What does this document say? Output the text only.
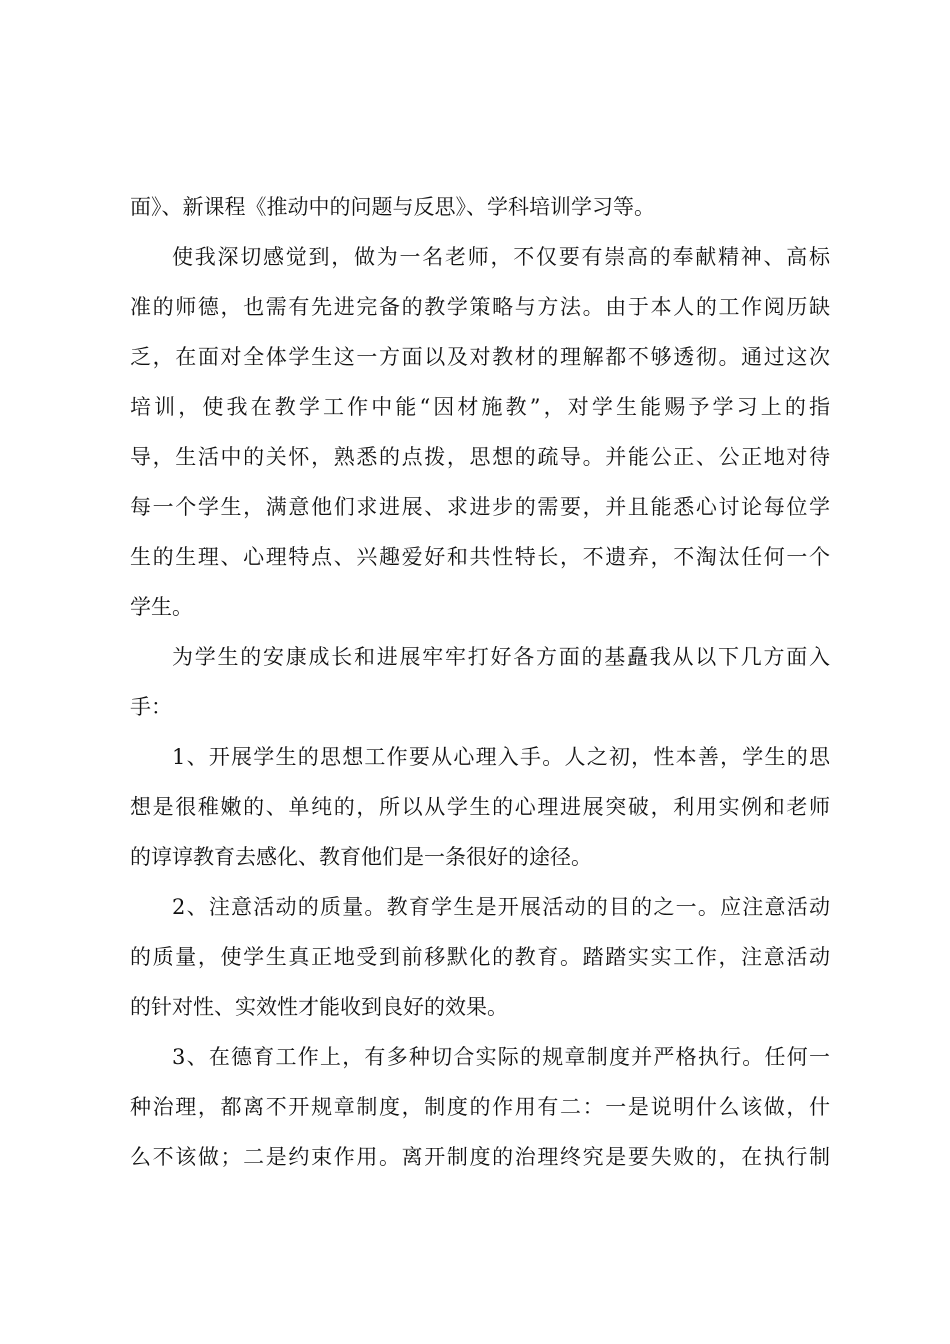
面》、新课程《推动中的问题与反思》、学科培训学习等。
使我深切感觉到，做为一名老师，不仅要有崇高的奉献精神、高标
准的师德，也需有先进完备的教学策略与方法。由于本人的工作阅历缺
乏，在面对全体学生这一方面以及对教材的理解都不够透彻。通过这次
培训，使我在教学工作中能“因材施教”，对学生能赐予学习上的指
导，生活中的关怀，熟悉的点拨，思想的疏导。并能公正、公正地对待
每一个学生，满意他们求进展、求进步的需要，并且能悉心讨论每位学
生的生理、心理特点、兴趣爱好和共性特长，不遗弃，不淘汰任何一个
学生。
为学生的安康成长和进展牢牢打好各方面的基矗我从以下几方面入
手：
1、开展学生的思想工作要从心理入手。人之初，性本善，学生的思
想是很稚嫩的、单纯的，所以从学生的心理进展突破，利用实例和老师
的谆谆教育去感化、教育他们是一条很好的途径。
2、注意活动的质量。教育学生是开展活动的目的之一。应注意活动
的质量，使学生真正地受到前移默化的教育。踏踏实实工作，注意活动
的针对性、实效性才能收到良好的效果。
3、在德育工作上，有多种切合实际的规章制度并严格执行。任何一
种治理，都离不开规章制度，制度的作用有二：一是说明什么该做，什
么不该做；二是约束作用。离开制度的治理终究是要失败的，在执行制
